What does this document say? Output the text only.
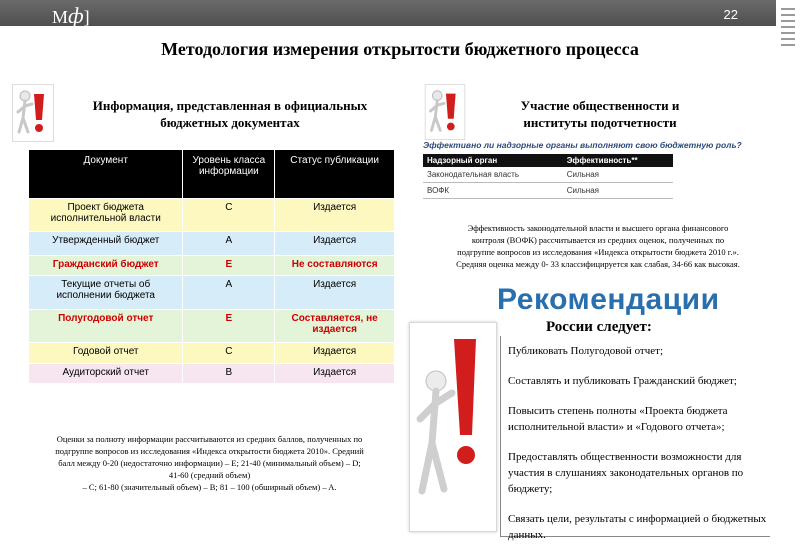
Мф]	22
Методология измерения открытости бюджетного процесса
Информация, представленная в официальных
бюджетных документах
Участие общественности и
институты подотчетности
Документ	Уровень класса информации	Статус публикации
Проект бюджета исполнительной власти	C	Издается
Утвержденный бюджет	A	Издается
Гражданский бюджет	E	Не составляются
Текущие отчеты об исполнении бюджета	A	Издается
Полугодовой отчет	E	Составляется, не издается
Годовой отчет	C	Издается
Аудиторский отчет	B	Издается
Оценки за полноту информации рассчитываются из средних баллов, полученных по
подгруппе вопросов из исследования «Индекса открытости бюджета 2010». Средний
балл между 0-20 (недостаточно информации) – E; 21-40 (минимальный объем) – D;
41-60 (средний объем)
– C; 61-80 (значительный объем) – B; 81 – 100 (обширный объем) – A.
Эффективно ли надзорные органы выполняют свою бюджетную роль?
Надзорный орган	Эффективность**
Законодательная власть	Сильная
ВОФК	Сильная
Эффективность законодательной власти и высшего органа финансового
контроля (ВОФК) рассчитывается из средних оценок, полученных по
подгруппе вопросов из исследования «Индекса открытости бюджета 2010 г.».
Средняя оценка между 0- 33 классифицируется как слабая, 34-66 как высокая.
Рекомендации
России следует:
Публиковать Полугодовой отчет;
Составлять и публиковать Гражданский бюджет;
Повысить степень полноты «Проекта бюджета исполнительной власти» и «Годового отчета»;
Предоставлять общественности возможности для участия в слушаниях законодательных органов по бюджету;
Связать цели, результаты с информацией о бюджетных данных.
